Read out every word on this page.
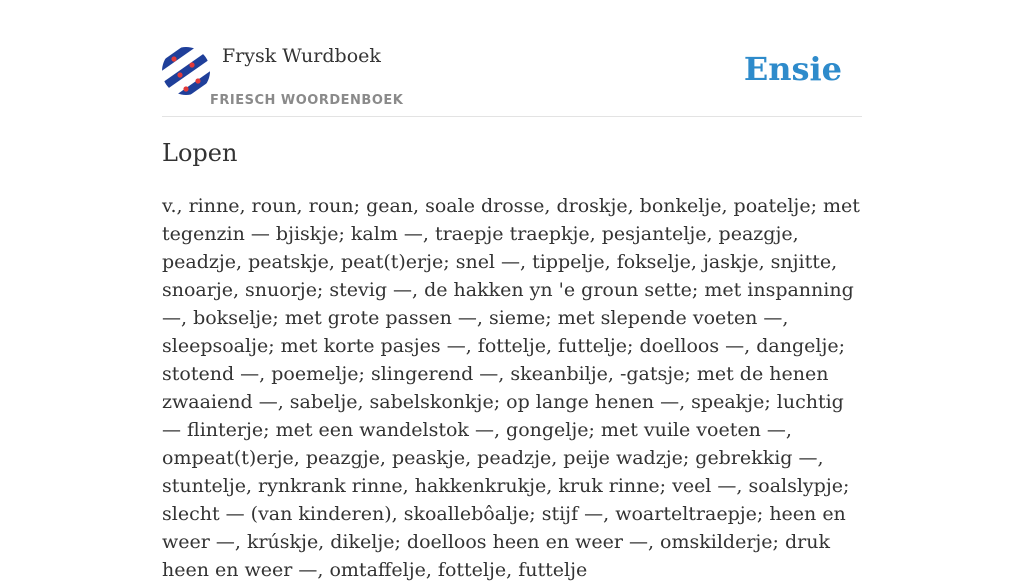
Frysk Wurdboek
FRIESCH WOORDENBOEK
Ensie
Lopen

v., rinne, roun, roun; gean, soale drosse, droskje, bonkelje, poatelje; met tegenzin — bjiskje; kalm —, traepje traepkje, pesjantelje, peazgje, peadzje, peatskje, peat(t)erje; snel —, tippelje, fokselje, jaskje, snjitte, snoarje, snuorje; stevig —, de hakken yn 'e groun sette; met inspanning —, bokselje; met grote passen —, sieme; met slepende voeten —, sleepsoalje; met korte pasjes —, fottelje, futtelje; doelloos —, dangelje; stotend —, poemelje; slingerend —, skeanbilje, -gatsje; met de henen zwaaiend —, sabelje, sabelskonkje; op lange henen —, speakje; luchtig — flinterje; met een wandelstok —, gongelje; met vuile voeten —, ompeat(t)erje, peazgje, peaskje, peadzje, peije wadzje; gebrekkig —, stuntelje, rynkrank rinne, hakkenkrukje, kruk rinne; veel —, soalslypje; slecht — (van kinderen), skoallebôalje; stijf —, woarteltraepje; heen en weer —, krúskje, dikelje; doelloos heen en weer —, omskilderje; druk heen en weer —, omtaffelje, fottelje, futtelje
